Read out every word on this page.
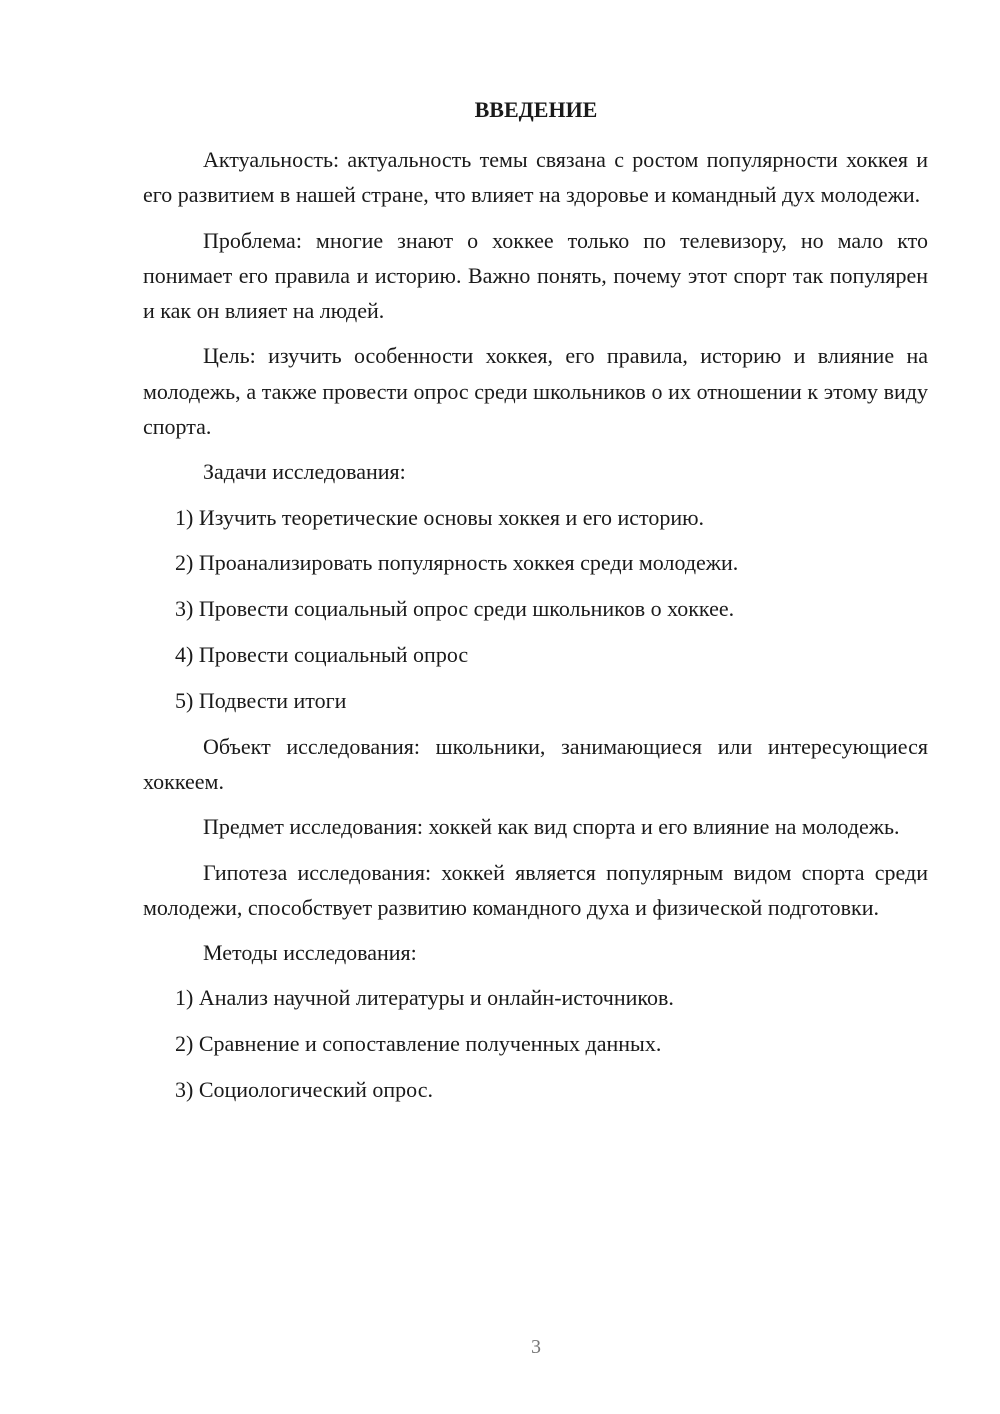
ВВЕДЕНИЕ

Актуальность: актуальность темы связана с ростом популярности хоккея и его развитием в нашей стране, что влияет на здоровье и командный дух молодежи.

Проблема: многие знают о хоккее только по телевизору, но мало кто понимает его правила и историю. Важно понять, почему этот спорт так популярен и как он влияет на людей.

Цель: изучить особенности хоккея, его правила, историю и влияние на молодежь, а также провести опрос среди школьников о их отношении к этому виду спорта.

Задачи исследования:

1) Изучить теоретические основы хоккея и его историю.
2) Проанализировать популярность хоккея среди молодежи.
3) Провести социальный опрос среди школьников о хоккее.
4) Провести социальный опрос
5) Подвести итоги

Объект исследования: школьники, занимающиеся или интересующиеся хоккеем.

Предмет исследования: хоккей как вид спорта и его влияние на молодежь.

Гипотеза исследования: хоккей является популярным видом спорта среди молодежи, способствует развитию командного духа и физической подготовки.

Методы исследования:

1) Анализ научной литературы и онлайн-источников.
2) Сравнение и сопоставление полученных данных.
3) Социологический опрос.
3
